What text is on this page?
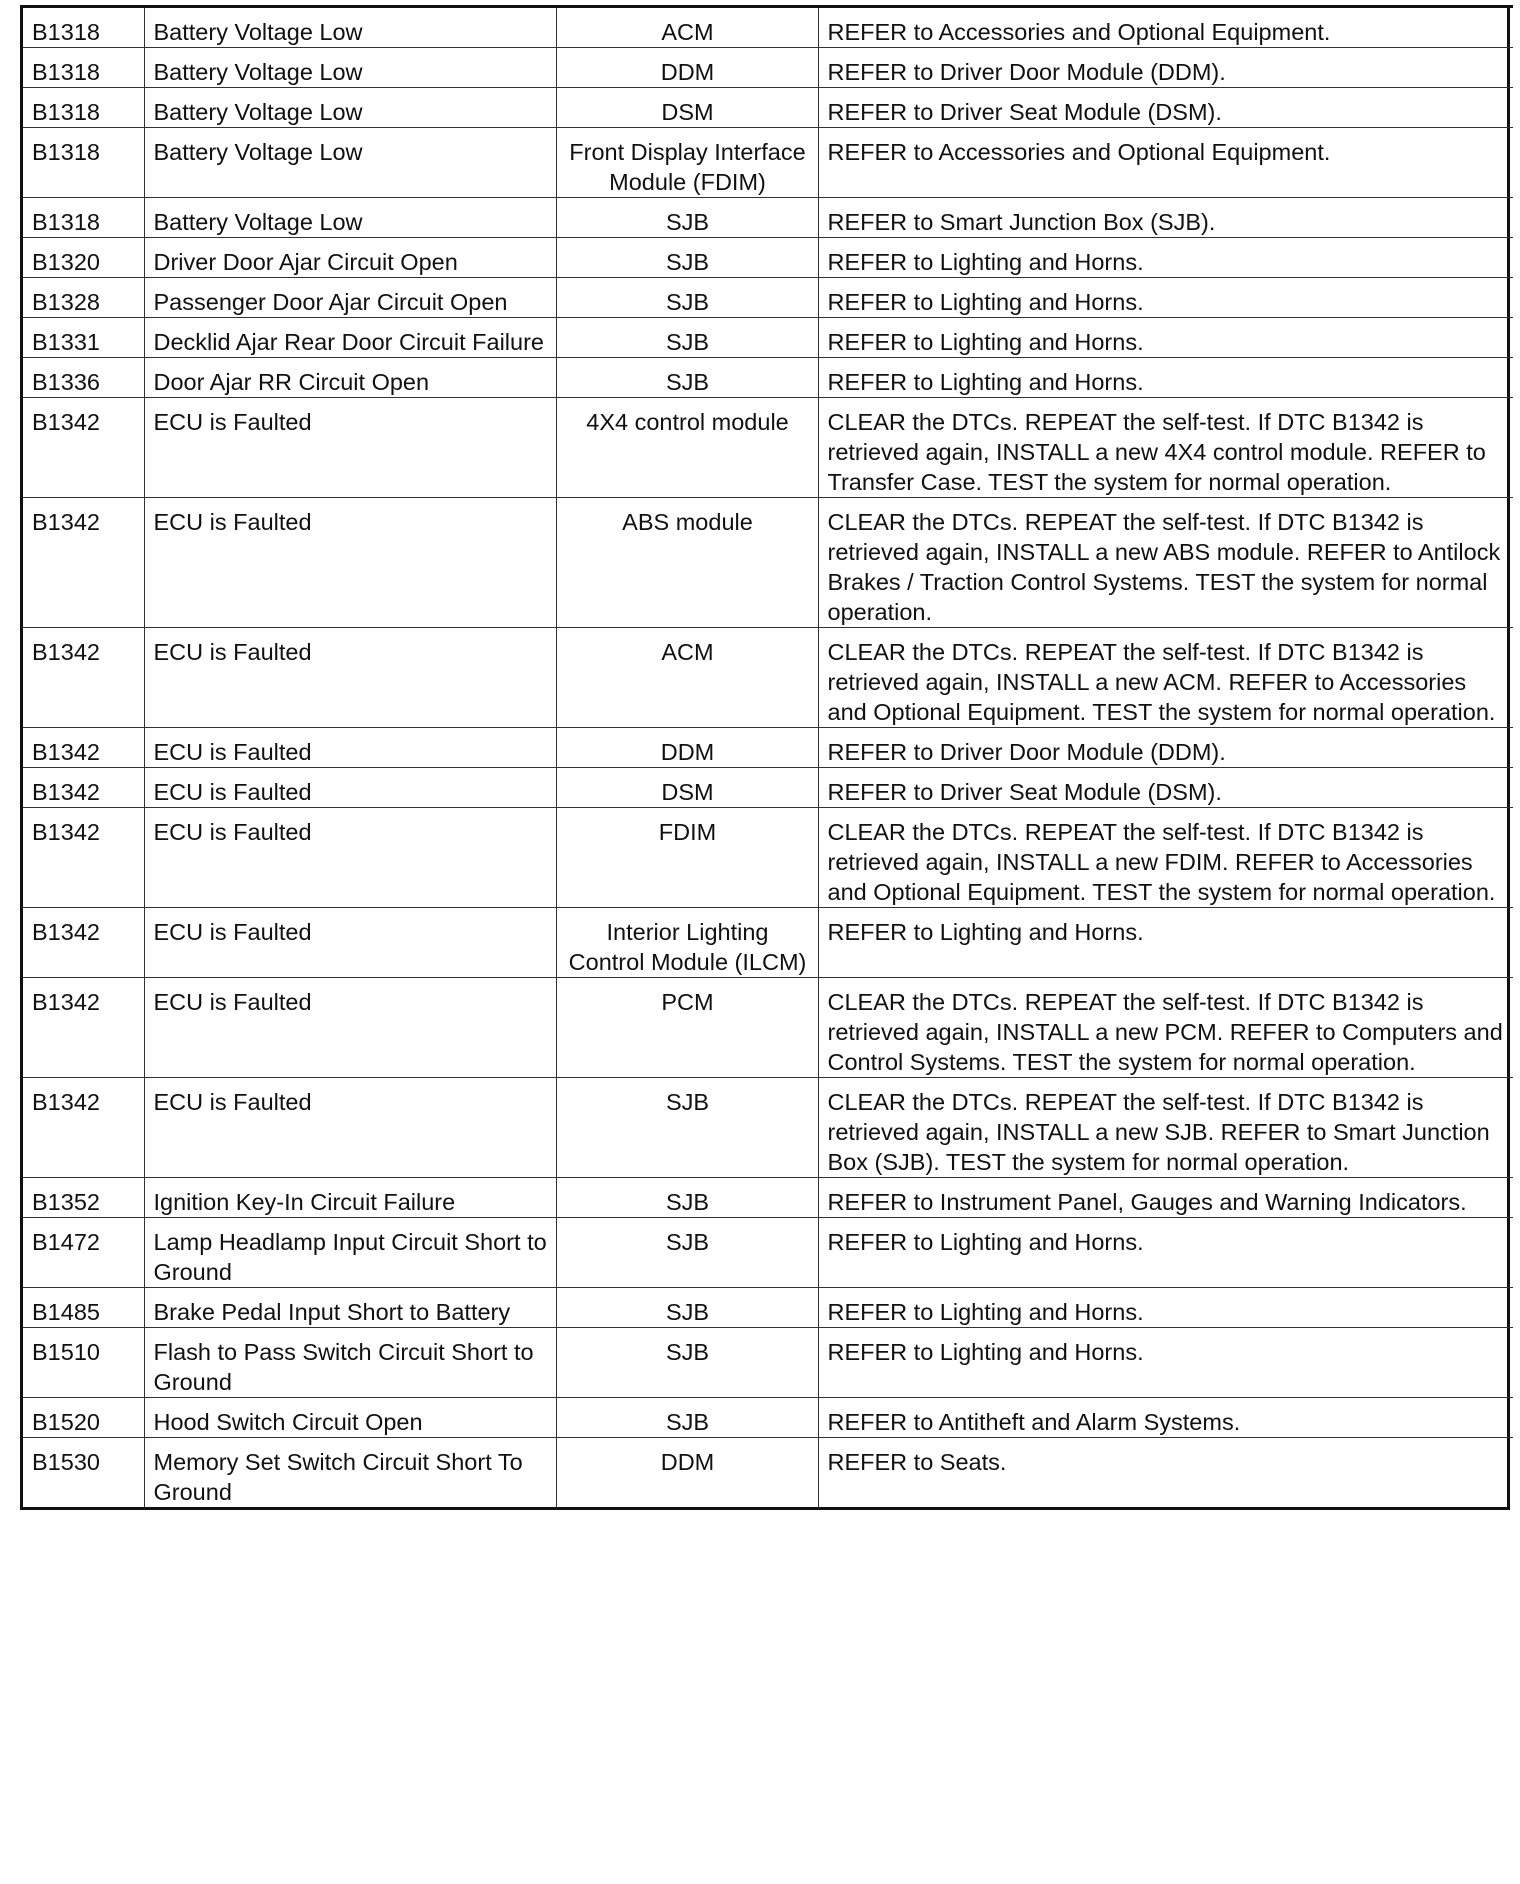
B1318	Battery Voltage Low	ACM	REFER to Accessories and Optional Equipment.
B1318	Battery Voltage Low	DDM	REFER to Driver Door Module (DDM).
B1318	Battery Voltage Low	DSM	REFER to Driver Seat Module (DSM).
B1318	Battery Voltage Low	Front Display Interface Module (FDIM)	REFER to Accessories and Optional Equipment.
B1318	Battery Voltage Low	SJB	REFER to Smart Junction Box (SJB).
B1320	Driver Door Ajar Circuit Open	SJB	REFER to Lighting and Horns.
B1328	Passenger Door Ajar Circuit Open	SJB	REFER to Lighting and Horns.
B1331	Decklid Ajar Rear Door Circuit Failure	SJB	REFER to Lighting and Horns.
B1336	Door Ajar RR Circuit Open	SJB	REFER to Lighting and Horns.
B1342	ECU is Faulted	4X4 control module	CLEAR the DTCs. REPEAT the self-test. If DTC B1342 is retrieved again, INSTALL a new 4X4 control module. REFER to Transfer Case. TEST the system for normal operation.
B1342	ECU is Faulted	ABS module	CLEAR the DTCs. REPEAT the self-test. If DTC B1342 is retrieved again, INSTALL a new ABS module. REFER to Antilock Brakes / Traction Control Systems. TEST the system for normal operation.
B1342	ECU is Faulted	ACM	CLEAR the DTCs. REPEAT the self-test. If DTC B1342 is retrieved again, INSTALL a new ACM. REFER to Accessories and Optional Equipment. TEST the system for normal operation.
B1342	ECU is Faulted	DDM	REFER to Driver Door Module (DDM).
B1342	ECU is Faulted	DSM	REFER to Driver Seat Module (DSM).
B1342	ECU is Faulted	FDIM	CLEAR the DTCs. REPEAT the self-test. If DTC B1342 is retrieved again, INSTALL a new FDIM. REFER to Accessories and Optional Equipment. TEST the system for normal operation.
B1342	ECU is Faulted	Interior Lighting Control Module (ILCM)	REFER to Lighting and Horns.
B1342	ECU is Faulted	PCM	CLEAR the DTCs. REPEAT the self-test. If DTC B1342 is retrieved again, INSTALL a new PCM. REFER to Computers and Control Systems. TEST the system for normal operation.
B1342	ECU is Faulted	SJB	CLEAR the DTCs. REPEAT the self-test. If DTC B1342 is retrieved again, INSTALL a new SJB. REFER to Smart Junction Box (SJB). TEST the system for normal operation.
B1352	Ignition Key-In Circuit Failure	SJB	REFER to Instrument Panel, Gauges and Warning Indicators.
B1472	Lamp Headlamp Input Circuit Short to Ground	SJB	REFER to Lighting and Horns.
B1485	Brake Pedal Input Short to Battery	SJB	REFER to Lighting and Horns.
B1510	Flash to Pass Switch Circuit Short to Ground	SJB	REFER to Lighting and Horns.
B1520	Hood Switch Circuit Open	SJB	REFER to Antitheft and Alarm Systems.
B1530	Memory Set Switch Circuit Short To Ground	DDM	REFER to Seats.
